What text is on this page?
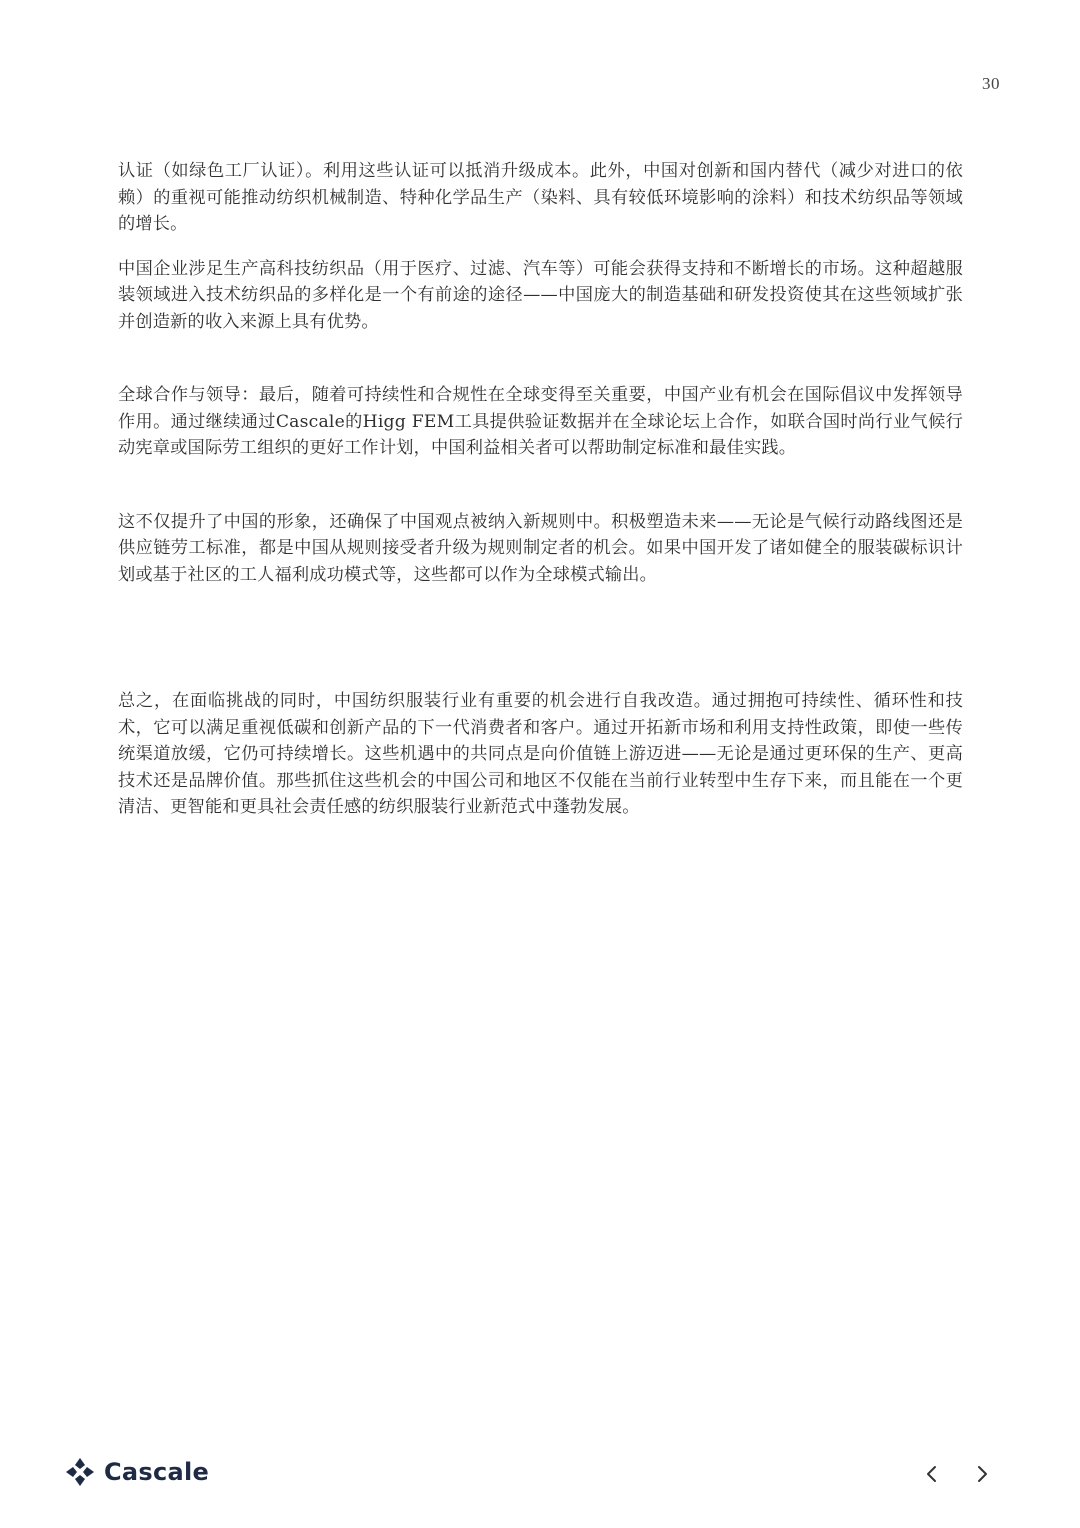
30

认证（如绿色工厂认证）。利用这些认证可以抵消升级成本。此外，中国对创新和国内替代（减少对进口的依赖）的重视可能推动纺织机械制造、特种化学品生产（染料、具有较低环境影响的涂料）和技术纺织品等领域的增长。

中国企业涉足生产高科技纺织品（用于医疗、过滤、汽车等）可能会获得支持和不断增长的市场。这种超越服装领域进入技术纺织品的多样化是一个有前途的途径——中国庞大的制造基础和研发投资使其在这些领域扩张并创造新的收入来源上具有优势。

全球合作与领导：最后，随着可持续性和合规性在全球变得至关重要，中国产业有机会在国际倡议中发挥领导作用。通过继续通过Cascale的Higg FEM工具提供验证数据并在全球论坛上合作，如联合国时尚行业气候行动宪章或国际劳工组织的更好工作计划，中国利益相关者可以帮助制定标准和最佳实践。

这不仅提升了中国的形象，还确保了中国观点被纳入新规则中。积极塑造未来——无论是气候行动路线图还是供应链劳工标准，都是中国从规则接受者升级为规则制定者的机会。如果中国开发了诸如健全的服装碳标识计划或基于社区的工人福利成功模式等，这些都可以作为全球模式输出。

总之，在面临挑战的同时，中国纺织服装行业有重要的机会进行自我改造。通过拥抱可持续性、循环性和技术，它可以满足重视低碳和创新产品的下一代消费者和客户。通过开拓新市场和利用支持性政策，即使一些传统渠道放缓，它仍可持续增长。这些机遇中的共同点是向价值链上游迈进——无论是通过更环保的生产、更高技术还是品牌价值。那些抓住这些机会的中国公司和地区不仅能在当前行业转型中生存下来，而且能在一个更清洁、更智能和更具社会责任感的纺织服装行业新范式中蓬勃发展。

Cascale
